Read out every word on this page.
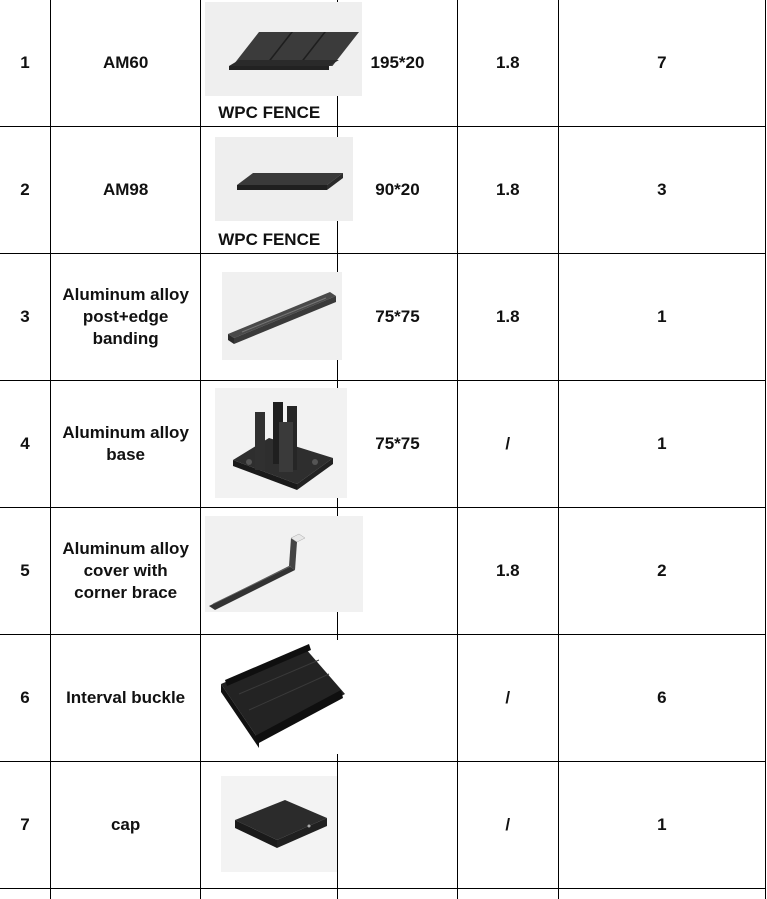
1	AM60	WPC FENCE	195*20	1.8	7
2	AM98	WPC FENCE	90*20	1.8	3
3	Aluminum alloy post+edge banding		75*75	1.8	1
4	Aluminum alloy base		75*75	/	1
5	Aluminum alloy cover with corner brace			1.8	2
6	Interval buckle			/	6
7	cap			/	1
